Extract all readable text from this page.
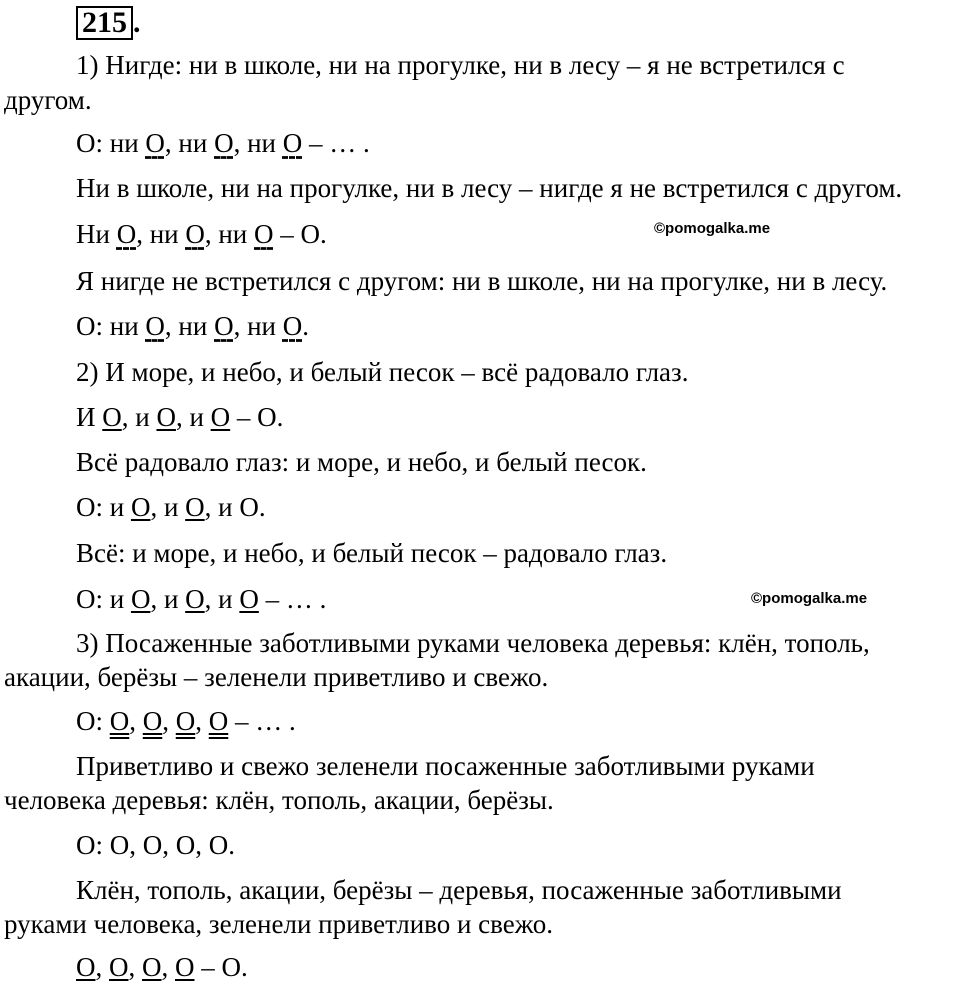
215 .
1) Нигде: ни в школе, ни на прогулке, ни в лесу – я не встретился с
другом.
О: ни О, ни О, ни О – … .
Ни в школе, ни на прогулке, ни в лесу – нигде я не встретился с другом.
Ни О, ни О, ни О – О.	©pomogalka.me
Я нигде не встретился с другом: ни в школе, ни на прогулке, ни в лесу.
О: ни О, ни О, ни О.
2) И море, и небо, и белый песок – всё радовало глаз.
И О, и О, и О – О.
Всё радовало глаз: и море, и небо, и белый песок.
О: и О, и О, и О.
Всё: и море, и небо, и белый песок – радовало глаз.
О: и О, и О, и О – … .	©pomogalka.me
3) Посаженные заботливыми руками человека деревья: клён, тополь,
акации, берёзы – зеленели приветливо и свежо.
О: О, О, О, О – … .
Приветливо и свежо зеленели посаженные заботливыми руками
человека деревья: клён, тополь, акации, берёзы.
О: О, О, О, О.
Клён, тополь, акации, берёзы – деревья, посаженные заботливыми
руками человека, зеленели приветливо и свежо.
О, О, О, О – О.
